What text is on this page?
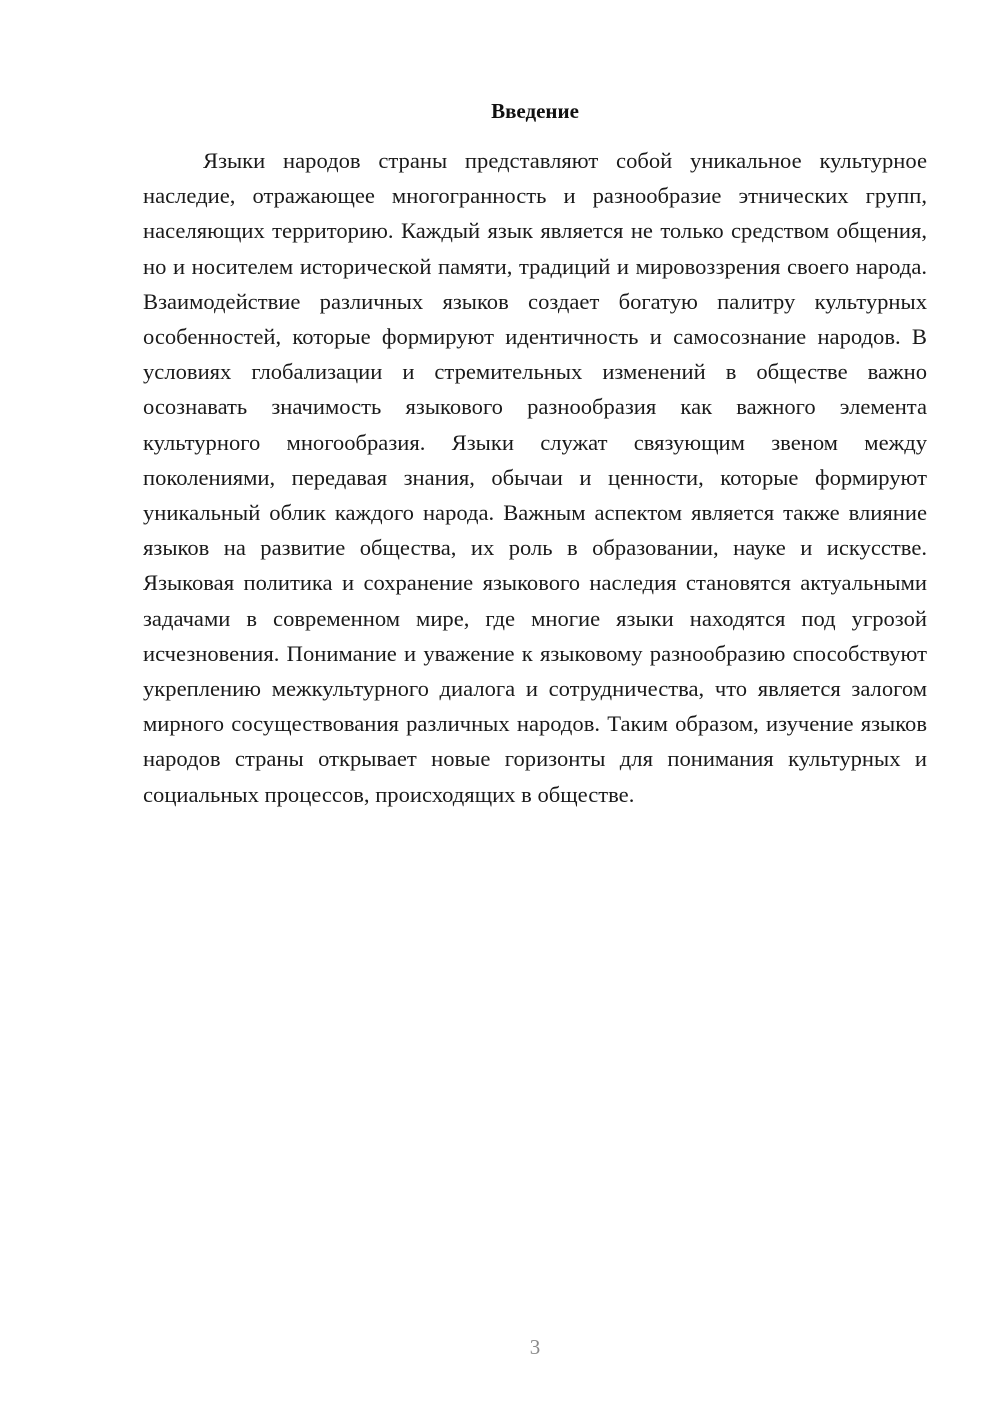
Введение

Языки народов страны представляют собой уникальное культурное наследие, отражающее многогранность и разнообразие этнических групп, населяющих территорию. Каждый язык является не только средством общения, но и носителем исторической памяти, традиций и мировоззрения своего народа. Взаимодействие различных языков создает богатую палитру культурных особенностей, которые формируют идентичность и самосознание народов. В условиях глобализации и стремительных изменений в обществе важно осознавать значимость языкового разнообразия как важного элемента культурного многообразия. Языки служат связующим звеном между поколениями, передавая знания, обычаи и ценности, которые формируют уникальный облик каждого народа. Важным аспектом является также влияние языков на развитие общества, их роль в образовании, науке и искусстве. Языковая политика и сохранение языкового наследия становятся актуальными задачами в современном мире, где многие языки находятся под угрозой исчезновения. Понимание и уважение к языковому разнообразию способствуют укреплению межкультурного диалога и сотрудничества, что является залогом мирного сосуществования различных народов. Таким образом, изучение языков народов страны открывает новые горизонты для понимания культурных и социальных процессов, происходящих в обществе.

3
